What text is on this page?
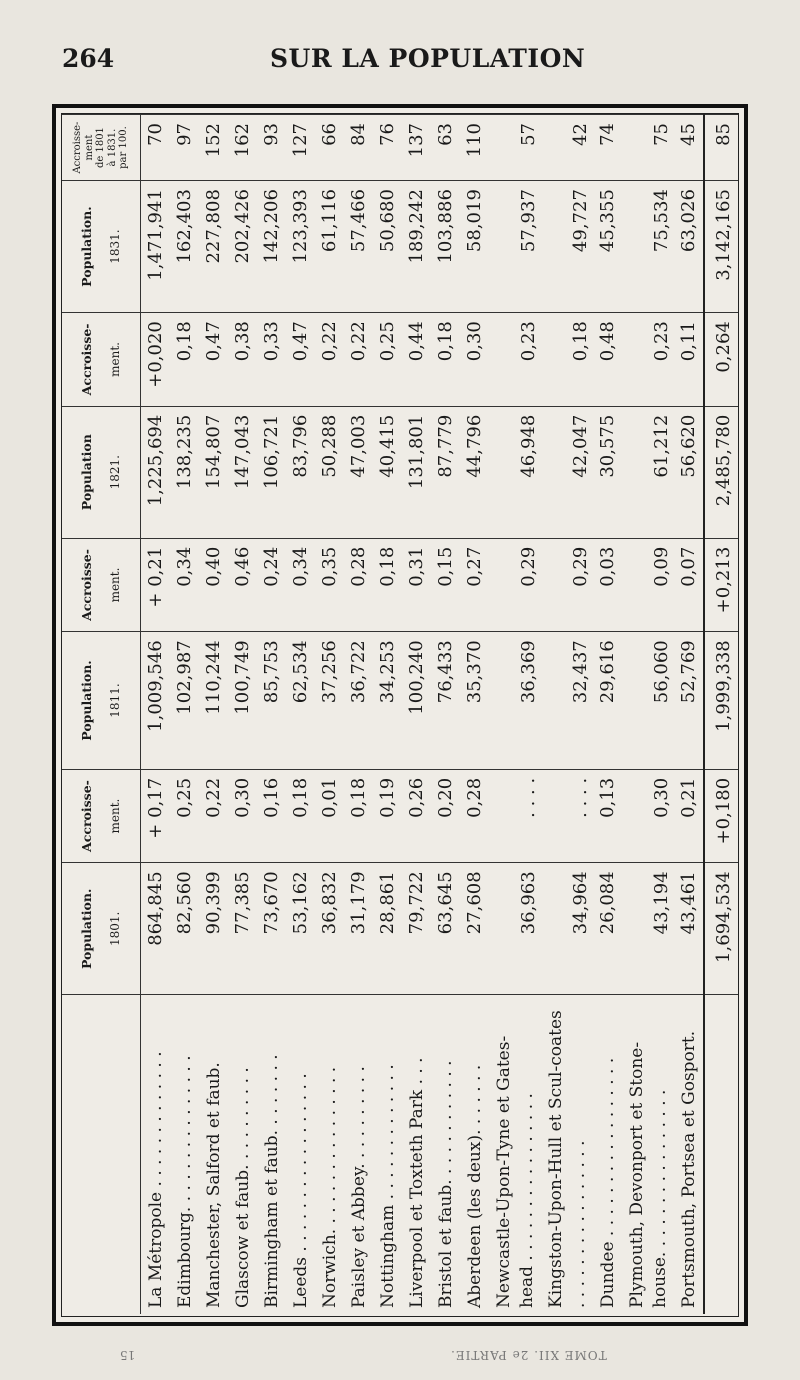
264	SUR LA POPULATION

	Population. 1801.	Accroisse- ment.	Population. 1811.	Accroisse- ment.	Population 1821.	Accroisse- ment.	Population. 1831.	Accroisse- ment de 1801 à 1831. par 100.

La Métropole . . . . . . . . . . . . .	864,845	+ 0,17	1,009,546	+ 0,21	1,225,694	+0,020	1,471,941	70
Edimbourg. . . . . . . . . . . . . . .	82,560	0,25	102,987	0,34	138,235	0,18	162,403	97
Manchester, Salford et faub.	90,399	0,22	110,244	0,40	154,807	0,47	227,808	152
Glascow et faub. . . . . . . . . .	77,385	0,30	100,749	0,46	147,043	0,38	202,426	162
Birmingham et faub. . . . . . . .	73,670	0,16	85,753	0,24	106,721	0,33	142,206	93
Leeds . . . . . . . . . . . . . . . . .	53,162	0,18	62,534	0,34	83,796	0,47	123,393	127
Norwich. . . . . . . . . . . . . . . .	36,832	0,01	37,256	0,35	50,288	0,22	61,116	66
Paisley et Abbey. . . . . . . . . .	31,179	0,18	36,722	0,28	47,003	0,22	57,466	84
Nottingham . . . . . . . . . . . . .	28,861	0,19	34,253	0,18	40,415	0,25	50,680	76
Liverpool et Toxteth Park . . .	79,722	0,26	100,240	0,31	131,801	0,44	189,242	137
Bristol et faub. . . . . . . . . . . .	63,645	0,20	76,433	0,15	87,779	0,18	103,886	63
Aberdeen (les deux). . . . . . .	27,608	0,28	35,370	0,27	44,796	0,30	58,019	110
Newcastle-Upon-Tyne et Gates-head . . . . . . . . . . . . . . . .	36,963	. . . .	36,369	0,29	46,948	0,23	57,937	57
Kingston-Upon-Hull et Scul-coates . . . . . . . . . . . . . . . .	34,964	. . . .	32,437	0,29	42,047	0,18	49,727	42
Dundee . . . . . . . . . . . . . . . . .	26,084	0,13	29,616	0,03	30,575	0,48	45,355	74
Plymouth, Devonport et Stone-house. . . . . . . . . . . . . . . .	43,194	0,30	56,060	0,09	61,212	0,23	75,534	75
Portsmouth, Portsea et Gosport.	43,461	0,21	52,769	0,07	56,620	0,11	63,026	45
	1,694,534	+0,180	1,999,338	+0,213	2,485,780	0,264	3,142,165	85
15	TOME XII. 2e PARTIE.
